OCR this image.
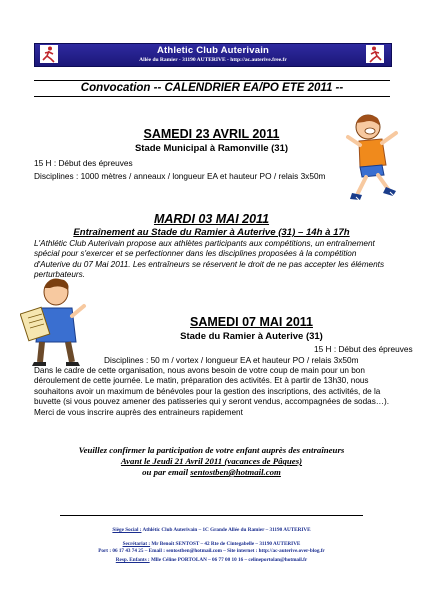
Athletic Club Auterivain
Allée du Ramier - 31190 AUTERIVE - http://ac.auterive.free.fr
Convocation -- CALENDRIER EA/PO ETE 2011 --
SAMEDI 23 AVRIL 2011
Stade Municipal à Ramonville (31)
15 H : Début des épreuves
Disciplines : 1000 mètres / anneaux / longueur EA et hauteur PO / relais 3x50m
MARDI 03 MAI 2011
Entraînement au Stade du Ramier à Auterive (31) – 14h à 17h
L'Athlétic Club Auterivain propose aux athlètes participants aux compétitions, un entraînement spécial pour s'exercer et se perfectionner dans les disciplines proposées à la compétition d'Auterive du 07 Mai 2011. Les entraîneurs se réservent le droit de ne pas accepter les éléments perturbateurs.
SAMEDI 07 MAI 2011
Stade du Ramier à Auterive (31)
15 H : Début des épreuves
Disciplines : 50 m / vortex / longueur EA et hauteur PO / relais 3x50m
Dans le cadre de cette organisation, nous avons besoin de votre coup de main pour un bon déroulement de cette journée. Le matin, préparation des activités. Et à partir de 13h30, nous souhaitons avoir un maximum de bénévoles pour la gestion des inscriptions, des activités, de la buvette (si vous pouvez amener des patisseries qui y seront vendus, accompagnées de sodas…). Merci de vous inscrire auprès des entraineurs rapidement
Veuillez confirmer la participation de votre enfant auprès des entraîneurs
Avant le Jeudi 21 Avril 2011 (vacances de Pâques)
ou par email sentostben@hotmail.com
Siège Social : Athlétic Club Auterivain – 1C Grande Allée du Ramier – 31190 AUTERIVE
Secrétariat : Mr Benoît SENTOST – 42 Rte de Cintegabelle – 31190 AUTERIVE
Port : 06 17 43 74 25 – Email : sentostben@hotmail.com – Site internet : http://ac-auterive.over-blog.fr
Resp. Enfants : Mlle Céline PORTOLAN – 06 77 00 10 16 – celineportolan@hotmail.fr
